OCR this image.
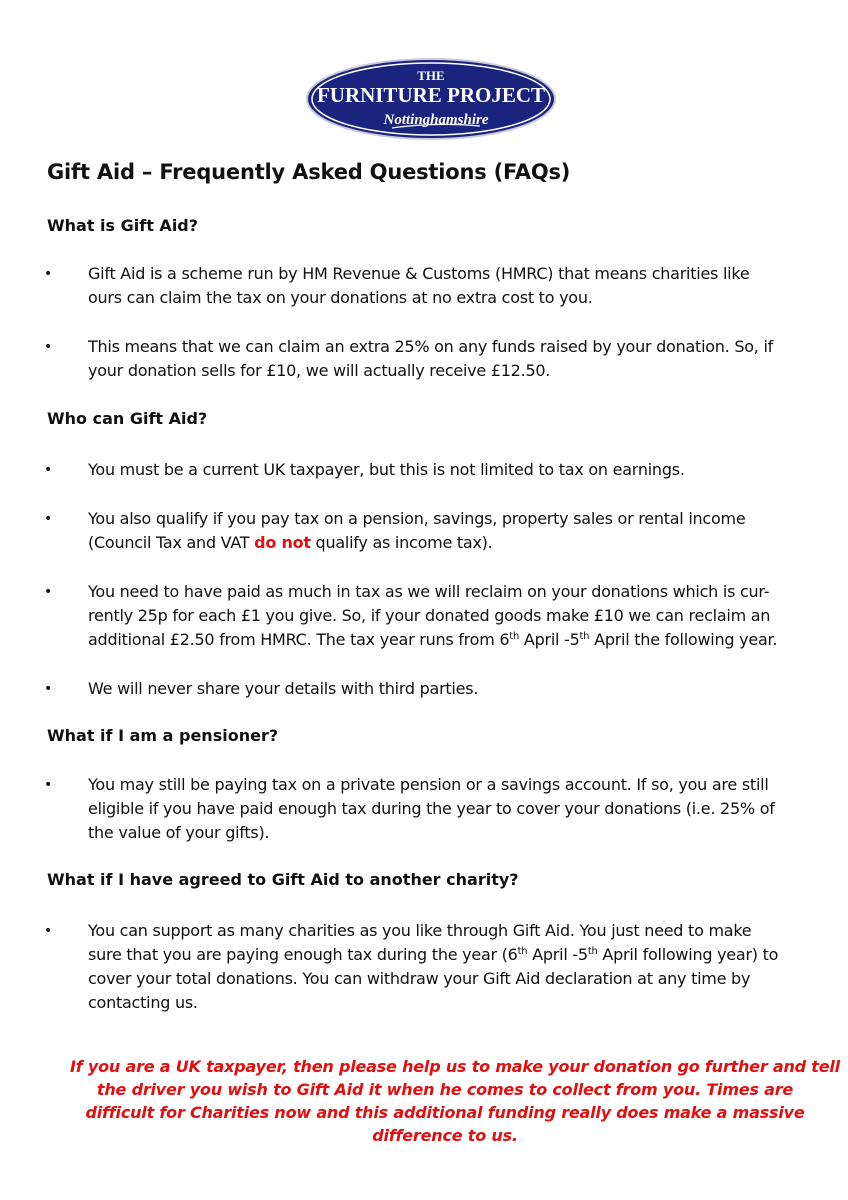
THE
FURNITURE PROJECT
Nottinghamshire
Gift Aid – Frequently Asked Questions (FAQs)
What is Gift Aid?
•	Gift Aid is a scheme run by HM Revenue & Customs (HMRC) that means charities like
ours can claim the tax on your donations at no extra cost to you.
•	This means that we can claim an extra 25% on any funds raised by your donation. So, if
your donation sells for £10, we will actually receive £12.50.
Who can Gift Aid?
•	You must be a current UK taxpayer, but this is not limited to tax on earnings.
•	You also qualify if you pay tax on a pension, savings, property sales or rental income
(Council Tax and VAT do not qualify as income tax).
•	You need to have paid as much in tax as we will reclaim on your donations which is cur-
rently 25p for each £1 you give. So, if your donated goods make £10 we can reclaim an
additional £2.50 from HMRC. The tax year runs from 6th April -5th April the following year.
•	We will never share your details with third parties.
What if I am a pensioner?
•	You may still be paying tax on a private pension or a savings account. If so, you are still
eligible if you have paid enough tax during the year to cover your donations (i.e. 25% of
the value of your gifts).
What if I have agreed to Gift Aid to another charity?
•	You can support as many charities as you like through Gift Aid. You just need to make
sure that you are paying enough tax during the year (6th April -5th April following year) to
cover your total donations. You can withdraw your Gift Aid declaration at any time by
contacting us.

If you are a UK taxpayer, then please help us to make your donation go further and tell
the driver you wish to Gift Aid it when he comes to collect from you. Times are
difficult for Charities now and this additional funding really does make a massive
difference to us.
